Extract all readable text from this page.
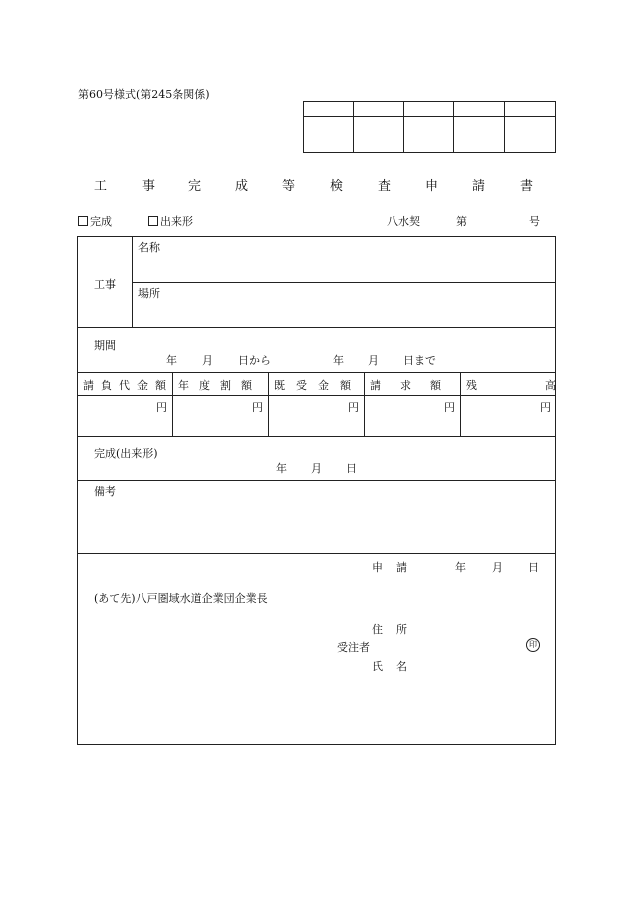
第60号様式(第245条関係)
工	事	完	成	等	検	査	申	請	書
完成	出来形	八水契	第	号
工事
名称
場所
期間
年 月 日から	年 月 日まで
請負代金額 年度割額 既受金額 請求額 残高
円	円	円	円	円
完成(出来形)
年 月 日
備考
申請	年 月 日
(あて先)八戸圏域水道企業団企業長
住所
受注者	印
氏名
